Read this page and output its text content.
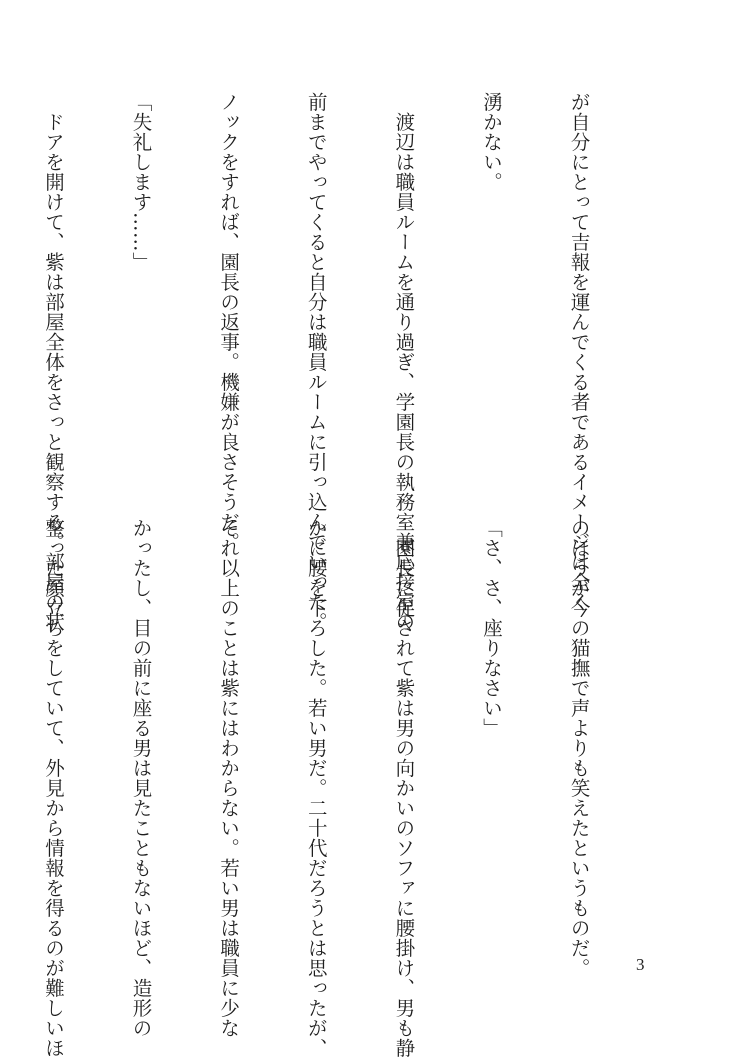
が自分にとって吉報を運んでくる者であるイメージは全く

湧かない。

　渡辺は職員ルームを通り過ぎ、学園長の執務室兼応接室の

前までやってくると自分は職員ルームに引っ込んでいった。

ノックをすれば、園長の返事。機嫌が良さそうだ。

「失礼します……」

　ドアを開けて、紫は部屋全体をさっと観察する。部屋の状

のほうが今の猫撫で声よりも笑えたというものだ。

「さ、さ、座りなさい」

　園長に促されて紫は男の向かいのソファに腰掛け、男も静

かに腰を下ろした。若い男だ。二十代だろうとは思ったが、

それ以上のことは紫にはわからない。若い男は職員に少な

かったし、目の前に座る男は見たこともないほど、造形の

整った顔立ちをしていて、外見から情報を得るのが難しいほ

	3
